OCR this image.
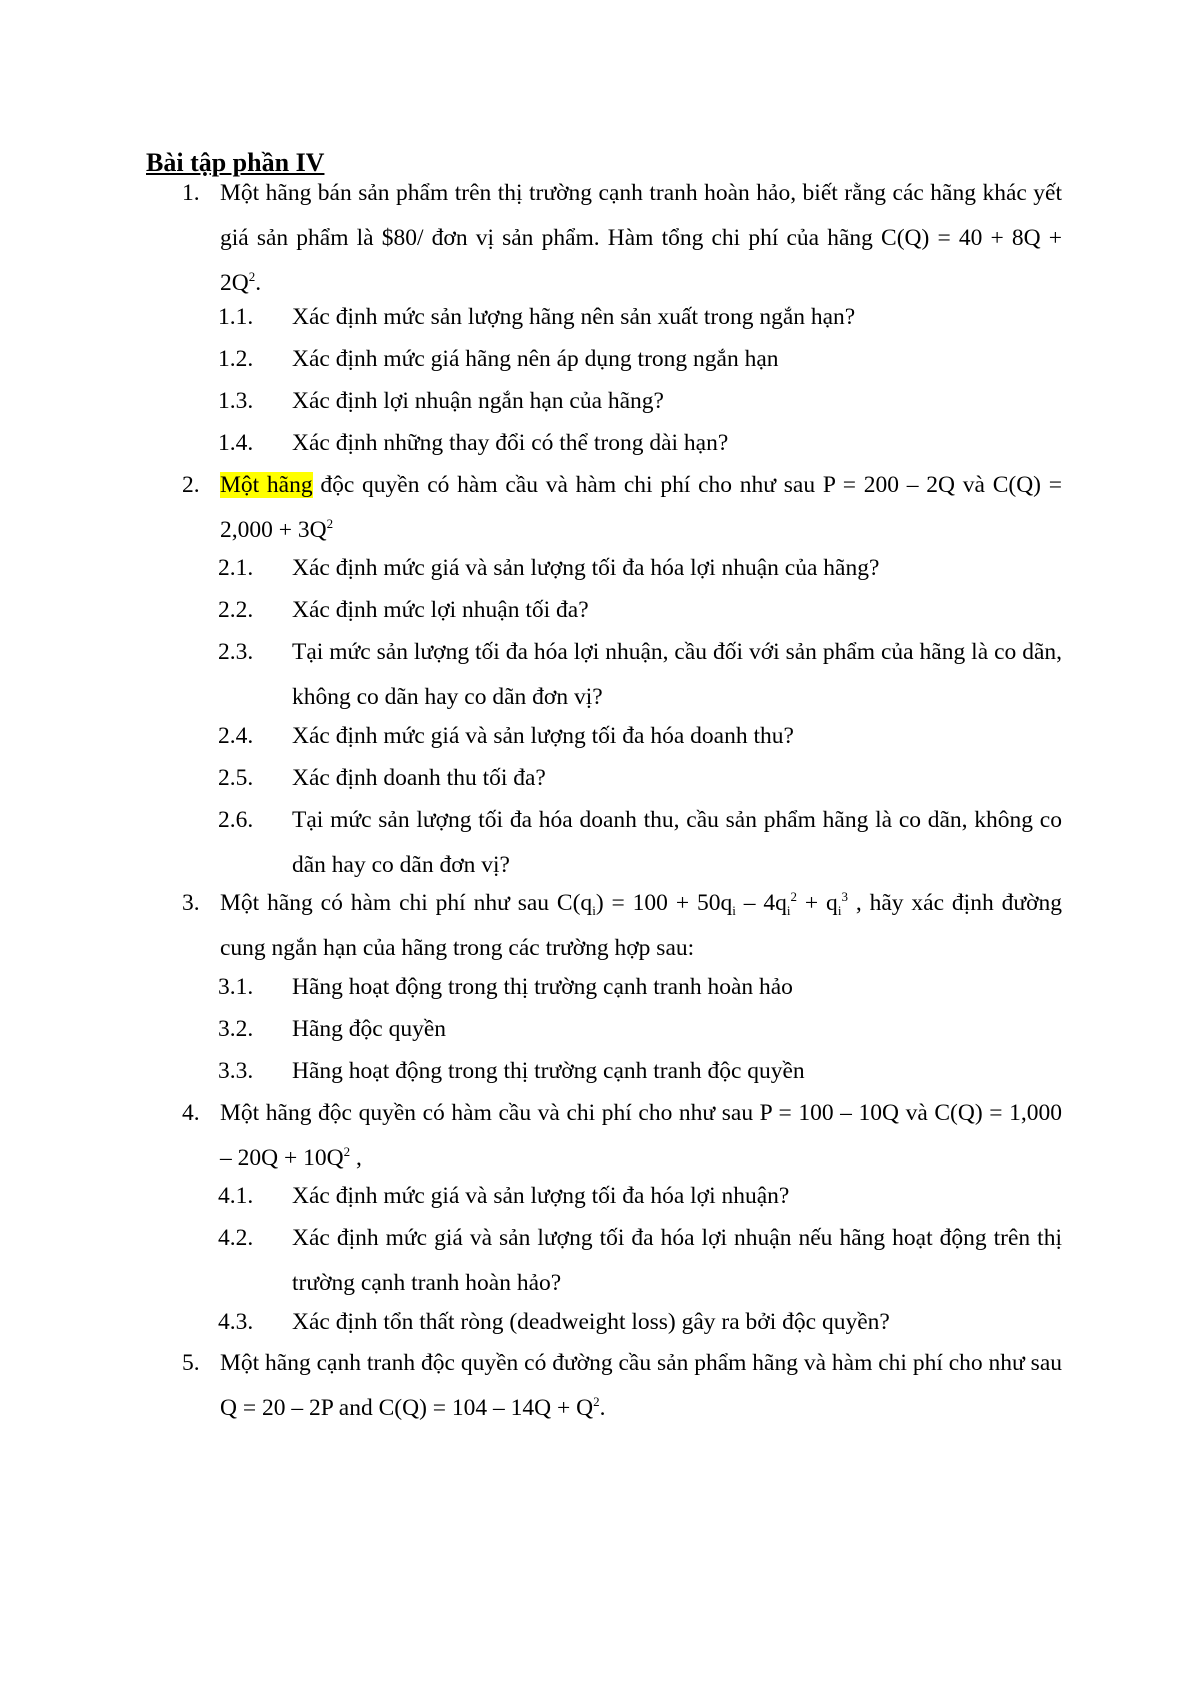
Bài tập phần IV
1. Một hãng bán sản phẩm trên thị trường cạnh tranh hoàn hảo, biết rằng các hãng khác yết giá sản phẩm là $80/ đơn vị sản phẩm. Hàm tổng chi phí của hãng $C(Q) = 40 + 8Q + 2Q^2$.
1.1. Xác định mức sản lượng hãng nên sản xuất trong ngắn hạn?
1.2. Xác định mức giá hãng nên áp dụng trong ngắn hạn
1.3. Xác định lợi nhuận ngắn hạn của hãng?
1.4. Xác định những thay đổi có thể trong dài hạn?
2. Một hãng độc quyền có hàm cầu và hàm chi phí cho như sau P = 200 – 2Q và $C(Q) = 2,000 + 3Q^2$
2.1. Xác định mức giá và sản lượng tối đa hóa lợi nhuận của hãng?
2.2. Xác định mức lợi nhuận tối đa?
2.3. Tại mức sản lượng tối đa hóa lợi nhuận, cầu đối với sản phẩm của hãng là co dãn, không co dãn hay co dãn đơn vị?
2.4. Xác định mức giá và sản lượng tối đa hóa doanh thu?
2.5. Xác định doanh thu tối đa?
2.6. Tại mức sản lượng tối đa hóa doanh thu, cầu sản phẩm hãng là co dãn, không co dãn hay co dãn đơn vị?
3. Một hãng có hàm chi phí như sau $C(q_i) = 100 + 50q_i - 4q_i^2 + q_i^3$ , hãy xác định đường cung ngắn hạn của hãng trong các trường hợp sau:
3.1. Hãng hoạt động trong thị trường cạnh tranh hoàn hảo
3.2. Hãng độc quyền
3.3. Hãng hoạt động trong thị trường cạnh tranh độc quyền
4. Một hãng độc quyền có hàm cầu và chi phí cho như sau P = 100 – 10Q và $C(Q) = 1,000 - 20Q + 10Q^2$ ,
4.1. Xác định mức giá và sản lượng tối đa hóa lợi nhuận?
4.2. Xác định mức giá và sản lượng tối đa hóa lợi nhuận nếu hãng hoạt động trên thị trường cạnh tranh hoàn hảo?
4.3. Xác định tổn thất ròng (deadweight loss) gây ra bởi độc quyền?
5. Một hãng cạnh tranh độc quyền có đường cầu sản phẩm hãng và hàm chi phí cho như sau Q = 20 – 2P and $C(Q) = 104 - 14Q + Q^2$.
